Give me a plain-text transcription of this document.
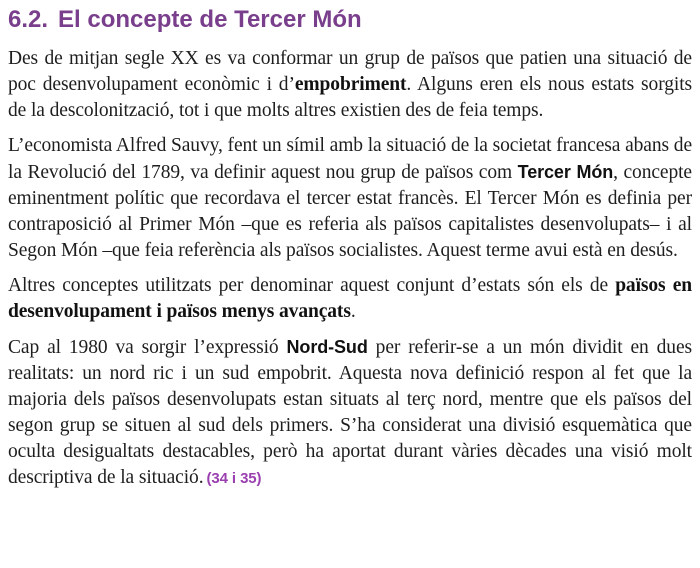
6.2. El concepte de Tercer Món

Des de mitjan segle XX es va conformar un grup de països que patien una situació de poc desenvolupament econòmic i d’empobriment. Alguns eren els nous estats sorgits de la descolonització, tot i que molts altres existien des de feia temps.

L’economista Alfred Sauvy, fent un símil amb la situació de la societat francesa abans de la Revolució del 1789, va definir aquest nou grup de països com Tercer Món, concepte eminentment polític que recordava el tercer estat francès. El Tercer Món es definia per contraposició al Primer Món –que es referia als països capitalistes desenvolupats– i al Segon Món –que feia referència als països socialistes. Aquest terme avui està en desús.

Altres conceptes utilitzats per denominar aquest conjunt d’estats són els de països en desenvolupament i països menys avançats.

Cap al 1980 va sorgir l’expressió Nord-Sud per referir-se a un món dividit en dues realitats: un nord ric i un sud empobrit. Aquesta nova definició respon al fet que la majoria dels països desenvolupats estan situats al terç nord, mentre que els països del segon grup se situen al sud dels primers. S’ha considerat una divisió esquemàtica que oculta desigualtats destacables, però ha aportat durant vàries dècades una visió molt descriptiva de la situació. (34 i 35)
